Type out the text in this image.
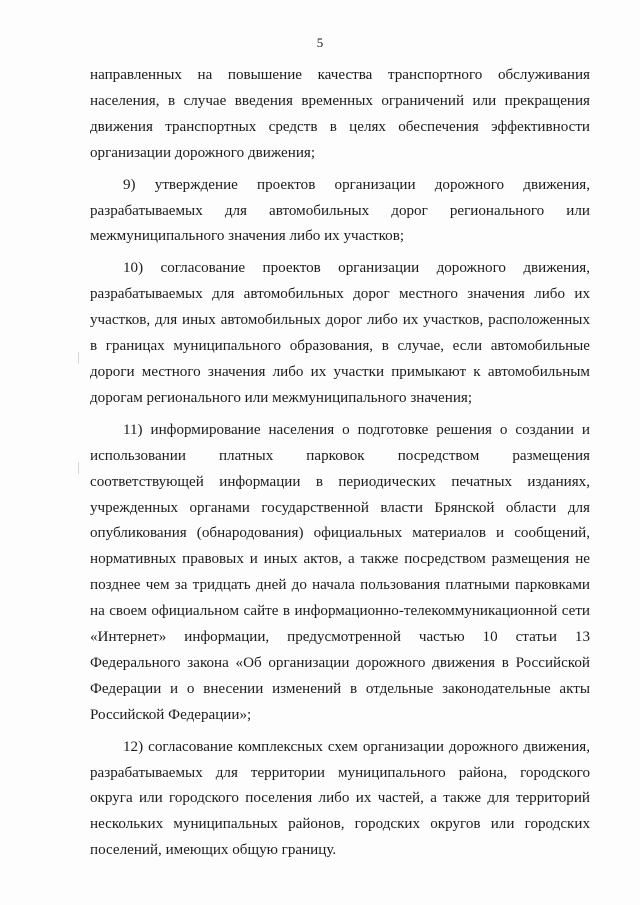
5

направленных на повышение качества транспортного обслуживания населения, в случае введения временных ограничений или прекращения движения транспортных средств в целях обеспечения эффективности организации дорожного движения;

9) утверждение проектов организации дорожного движения, разрабатываемых для автомобильных дорог регионального или межмуниципального значения либо их участков;

10) согласование проектов организации дорожного движения, разрабатываемых для автомобильных дорог местного значения либо их участков, для иных автомобильных дорог либо их участков, расположенных в границах муниципального образования, в случае, если автомобильные дороги местного значения либо их участки примыкают к автомобильным дорогам регионального или межмуниципального значения;

11) информирование населения о подготовке решения о создании и использовании платных парковок посредством размещения соответствующей информации в периодических печатных изданиях, учрежденных органами государственной власти Брянской области для опубликования (обнародования) официальных материалов и сообщений, нормативных правовых и иных актов, а также посредством размещения не позднее чем за тридцать дней до начала пользования платными парковками на своем официальном сайте в информационно-телекоммуникационной сети «Интернет» информации, предусмотренной частью 10 статьи 13 Федерального закона «Об организации дорожного движения в Российской Федерации и о внесении изменений в отдельные законодательные акты Российской Федерации»;

12) согласование комплексных схем организации дорожного движения, разрабатываемых для территории муниципального района, городского округа или городского поселения либо их частей, а также для территорий нескольких муниципальных районов, городских округов или городских поселений, имеющих общую границу.
